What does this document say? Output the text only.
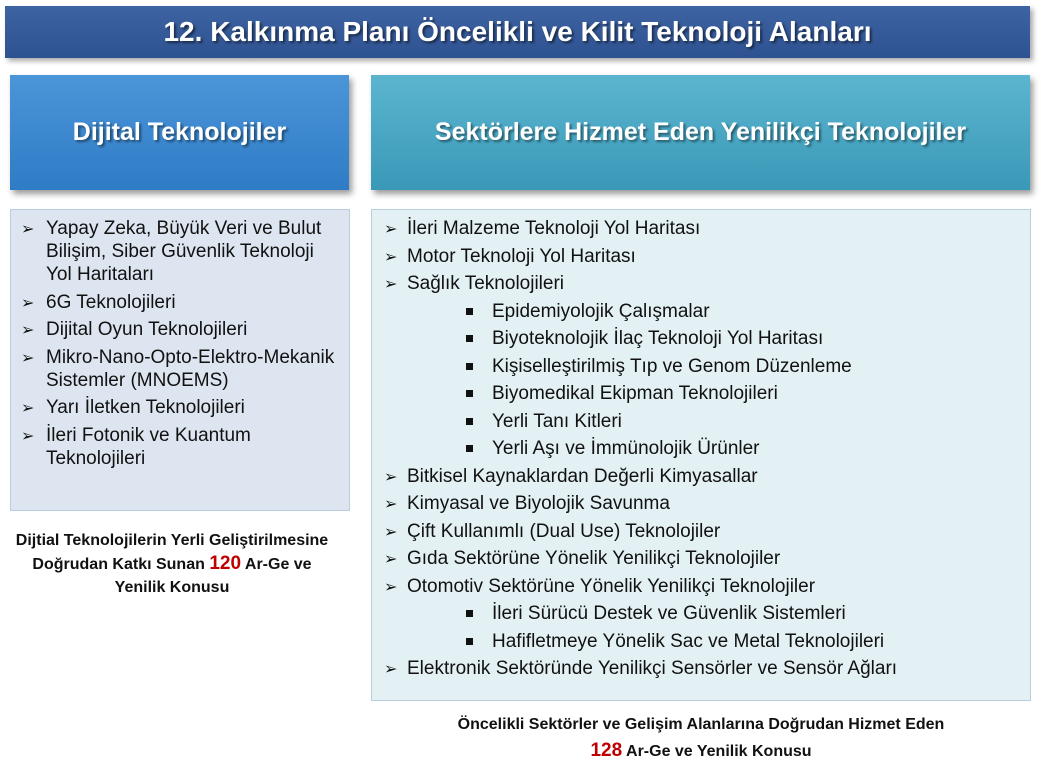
12. Kalkınma Planı Öncelikli ve Kilit Teknoloji Alanları
Dijital Teknolojiler	Sektörlere Hizmet Eden Yenilikçi Teknolojiler
➢ Yapay Zeka, Büyük Veri ve Bulut Bilişim, Siber Güvenlik Teknoloji Yol Haritaları
➢ 6G Teknolojileri
➢ Dijital Oyun Teknolojileri
➢ Mikro-Nano-Opto-Elektro-Mekanik Sistemler (MNOEMS)
➢ Yarı İletken Teknolojileri
➢ İleri Fotonik ve Kuantum Teknolojileri
Dijtial Teknolojilerin Yerli Geliştirilmesine Doğrudan Katkı Sunan 120 Ar-Ge ve Yenilik Konusu
➢ İleri Malzeme Teknoloji Yol Haritası
➢ Motor Teknoloji Yol Haritası
➢ Sağlık Teknolojileri
Epidemiyolojik Çalışmalar
Biyoteknolojik İlaç Teknoloji Yol Haritası
Kişiselleştirilmiş Tıp ve Genom Düzenleme
Biyomedikal Ekipman Teknolojileri
Yerli Tanı Kitleri
Yerli Aşı ve İmmünolojik Ürünler
➢ Bitkisel Kaynaklardan Değerli Kimyasallar
➢ Kimyasal ve Biyolojik Savunma
➢ Çift Kullanımlı (Dual Use) Teknolojiler
➢ Gıda Sektörüne Yönelik Yenilikçi Teknolojiler
➢ Otomotiv Sektörüne Yönelik Yenilikçi Teknolojiler
İleri Sürücü Destek ve Güvenlik Sistemleri
Hafifletmeye Yönelik Sac ve Metal Teknolojileri
➢ Elektronik Sektöründe Yenilikçi Sensörler ve Sensör Ağları
Öncelikli Sektörler ve Gelişim Alanlarına Doğrudan Hizmet Eden
128 Ar-Ge ve Yenilik Konusu
